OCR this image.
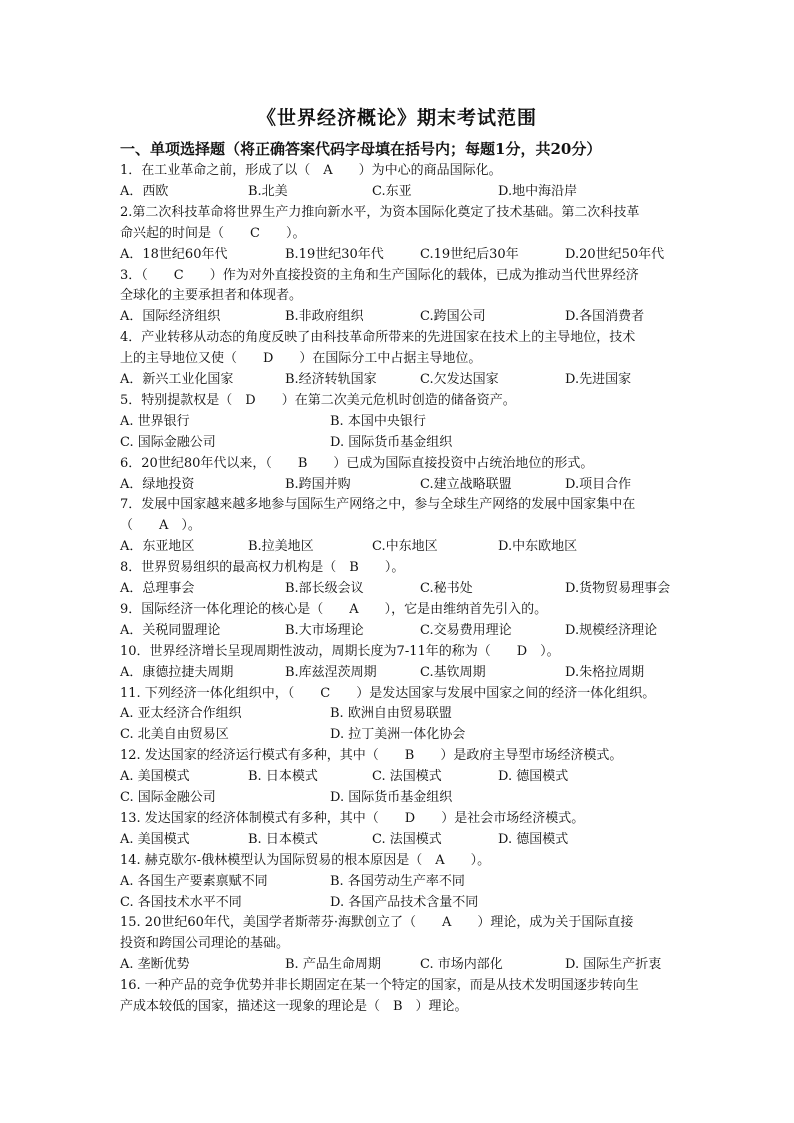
《世界经济概论》期末考试范围
一、单项选择题（将正确答案代码字母填在括号内；每题1分，共20分）
1．在工业革命之前，形成了以（　A　　）为中心的商品国际化。
A．西欧	B.北美	C.东亚	D.地中海沿岸
2.第二次科技革命将世界生产力推向新水平，为资本国际化奠定了技术基础。第二次科技革
命兴起的时间是（　　C　　）。
A．18世纪60年代	B.19世纪30年代	C.19世纪后30年	D.20世纪50年代
3．（　　C　　）作为对外直接投资的主角和生产国际化的载体，已成为推动当代世界经济
全球化的主要承担者和体现者。
A．国际经济组织	B.非政府组织	C.跨国公司	D.各国消费者
4．产业转移从动态的角度反映了由科技革命所带来的先进国家在技术上的主导地位，技术
上的主导地位又使（　　D　　）在国际分工中占据主导地位。
A．新兴工业化国家	B.经济转轨国家	C.欠发达国家	D.先进国家
5．特别提款权是（　D　　）在第二次美元危机时创造的储备资产。
A. 世界银行	B. 本国中央银行
C. 国际金融公司	D. 国际货币基金组织
6．20世纪80年代以来，（　　B　　）已成为国际直接投资中占统治地位的形式。
A．绿地投资	B.跨国并购	C.建立战略联盟	D.项目合作
7．发展中国家越来越多地参与国际生产网络之中，参与全球生产网络的发展中国家集中在
（　　A　）。
A．东亚地区	B.拉美地区	C.中东地区	D.中东欧地区
8．世界贸易组织的最高权力机构是（　B　　）。
A．总理事会	B.部长级会议	C.秘书处	D.货物贸易理事会
9．国际经济一体化理论的核心是（　　A　　），它是由维纳首先引入的。
A．关税同盟理论	B.大市场理论	C.交易费用理论	D.规模经济理论
10．世界经济增长呈现周期性波动，周期长度为7-11年的称为（　　D　）。
A．康德拉捷夫周期	B.库兹涅茨周期	C.基钦周期	D.朱格拉周期
11. 下列经济一体化组织中，（　　C　　）是发达国家与发展中国家之间的经济一体化组织。
A. 亚太经济合作组织	B. 欧洲自由贸易联盟
C. 北美自由贸易区	D. 拉丁美洲一体化协会
12. 发达国家的经济运行模式有多种，其中（　　B　　）是政府主导型市场经济模式。
A. 美国模式	B. 日本模式	C. 法国模式	D. 德国模式
C. 国际金融公司	D. 国际货币基金组织
13. 发达国家的经济体制模式有多种，其中（　　D　　）是社会市场经济模式。
A. 美国模式	B. 日本模式	C. 法国模式	D. 德国模式
14. 赫克歇尔-俄林模型认为国际贸易的根本原因是（　A　　）。
A. 各国生产要素禀赋不同	B. 各国劳动生产率不同
C. 各国技术水平不同	D. 各国产品技术含量不同
15. 20世纪60年代，美国学者斯蒂芬·海默创立了（　　A　　）理论，成为关于国际直接
投资和跨国公司理论的基础。
A. 垄断优势	B. 产品生命周期	C. 市场内部化	D. 国际生产折衷
16. 一种产品的竞争优势并非长期固定在某一个特定的国家，而是从技术发明国逐步转向生
产成本较低的国家，描述这一现象的理论是（　B　）理论。
